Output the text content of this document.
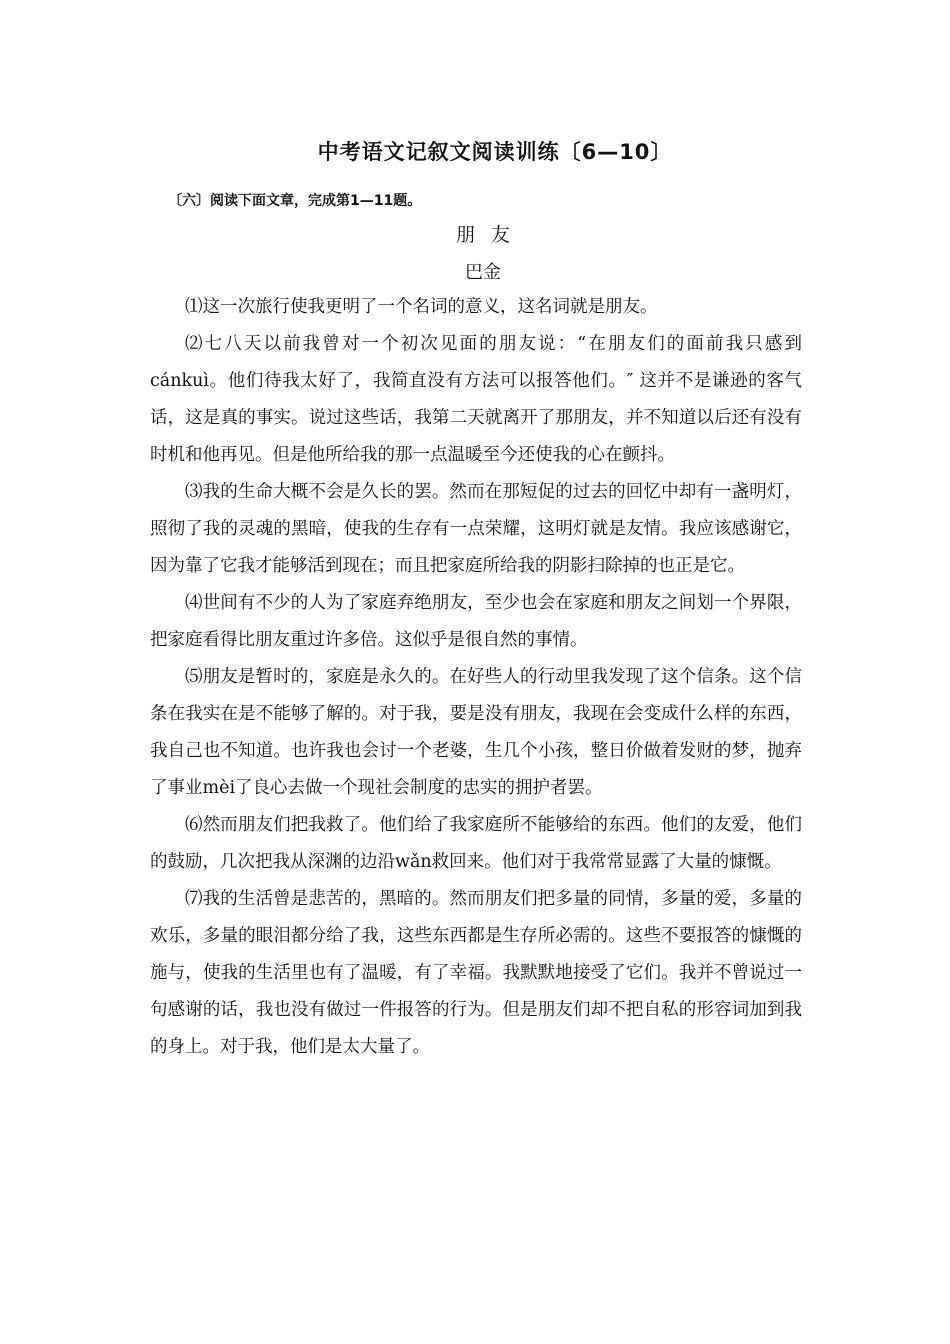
中考语文记叙文阅读训练〔6—10〕

〔六〕阅读下面文章，完成第1—11题。

朋 友

巴金

⑴这一次旅行使我更明了一个名词的意义，这名词就是朋友。

⑵七八天以前我曾对一个初次见面的朋友说：“在朋友们的面前我只感到cánkuì。他们待我太好了，我简直没有方法可以报答他们。″ 这并不是谦逊的客气话，这是真的事实。说过这些话，我第二天就离开了那朋友，并不知道以后还有没有时机和他再见。但是他所给我的那一点温暖至今还使我的心在颤抖。

⑶我的生命大概不会是久长的罢。然而在那短促的过去的回忆中却有一盏明灯，照彻了我的灵魂的黑暗，使我的生存有一点荣耀，这明灯就是友情。我应该感谢它，因为靠了它我才能够活到现在；而且把家庭所给我的阴影扫除掉的也正是它。

⑷世间有不少的人为了家庭弃绝朋友，至少也会在家庭和朋友之间划一个界限，把家庭看得比朋友重过许多倍。这似乎是很自然的事情。

⑸朋友是暂时的，家庭是永久的。在好些人的行动里我发现了这个信条。这个信条在我实在是不能够了解的。对于我，要是没有朋友，我现在会变成什么样的东西，我自己也不知道。也许我也会讨一个老婆，生几个小孩，整日价做着发财的梦，抛弃了事业mèi了良心去做一个现社会制度的忠实的拥护者罢。

⑹然而朋友们把我救了。他们给了我家庭所不能够给的东西。他们的友爱，他们的鼓励，几次把我从深渊的边沿wǎn救回来。他们对于我常常显露了大量的慷慨。

⑺我的生活曾是悲苦的，黑暗的。然而朋友们把多量的同情，多量的爱，多量的欢乐，多量的眼泪都分给了我，这些东西都是生存所必需的。这些不要报答的慷慨的施与，使我的生活里也有了温暖，有了幸福。我默默地接受了它们。我并不曾说过一句感谢的话，我也没有做过一件报答的行为。但是朋友们却不把自私的形容词加到我的身上。对于我，他们是太大量了。
